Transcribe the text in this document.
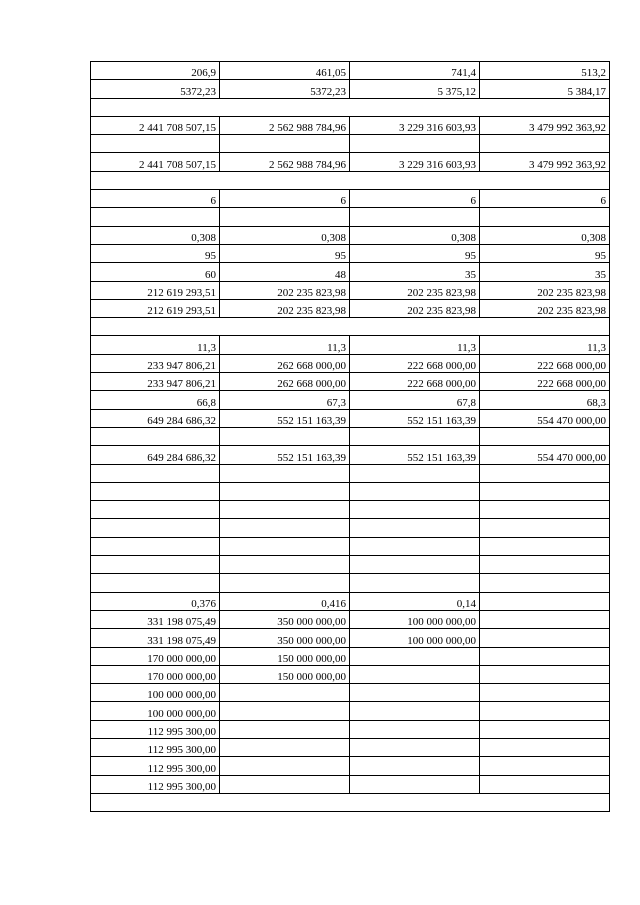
206,9	461,05	741,4	513,2
5372,23	5372,23	5 375,12	5 384,17

2 441 708 507,15	2 562 988 784,96	3 229 316 603,93	3 479 992 363,92

2 441 708 507,15	2 562 988 784,96	3 229 316 603,93	3 479 992 363,92

6	6	6	6

0,308	0,308	0,308	0,308
95	95	95	95
60	48	35	35
212 619 293,51	202 235 823,98	202 235 823,98	202 235 823,98
212 619 293,51	202 235 823,98	202 235 823,98	202 235 823,98

11,3	11,3	11,3	11,3
233 947 806,21	262 668 000,00	222 668 000,00	222 668 000,00
233 947 806,21	262 668 000,00	222 668 000,00	222 668 000,00
66,8	67,3	67,8	68,3
649 284 686,32	552 151 163,39	552 151 163,39	554 470 000,00

649 284 686,32	552 151 163,39	552 151 163,39	554 470 000,00

0,376	0,416	0,14	
331 198 075,49	350 000 000,00	100 000 000,00	
331 198 075,49	350 000 000,00	100 000 000,00	
170 000 000,00	150 000 000,00		
170 000 000,00	150 000 000,00		
100 000 000,00			
100 000 000,00			
112 995 300,00			
112 995 300,00			
112 995 300,00			
112 995 300,00			
